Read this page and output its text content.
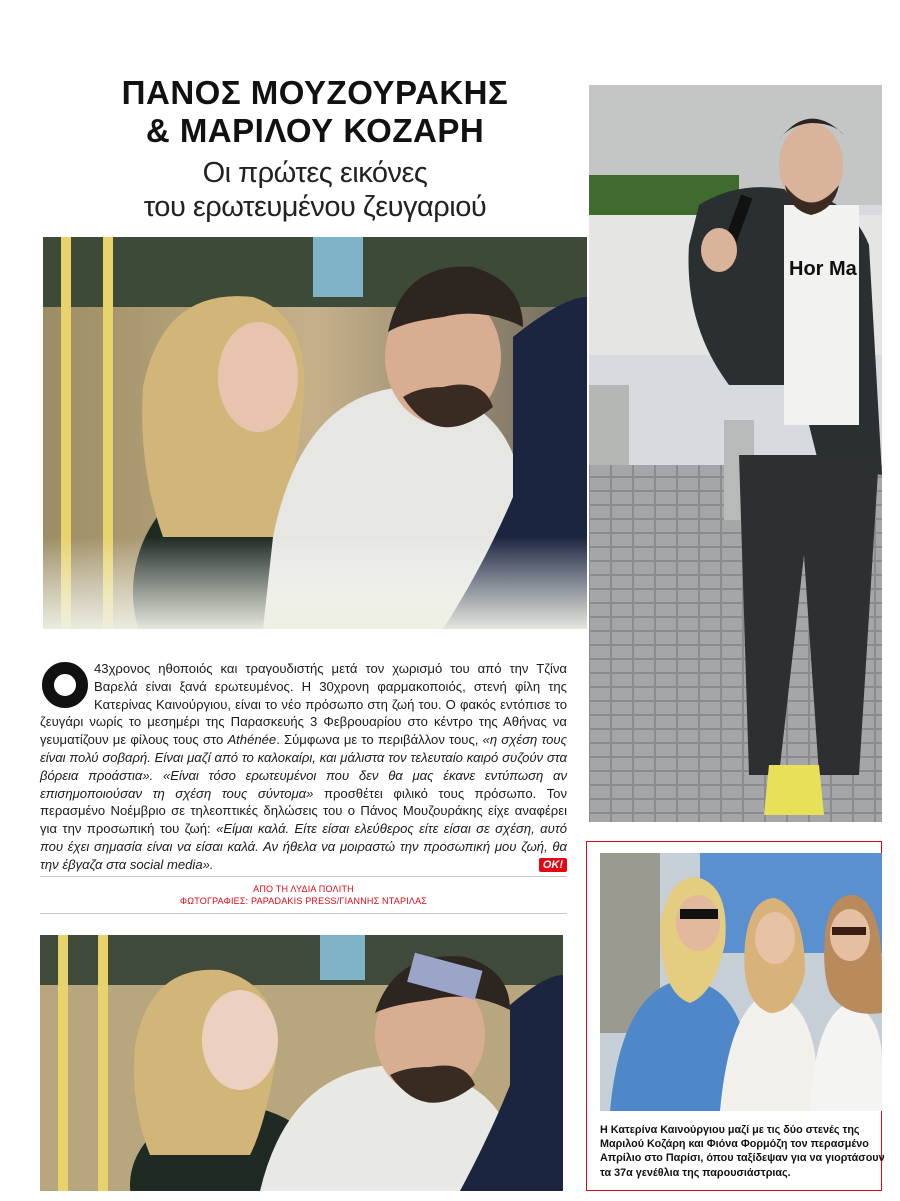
ΠΑΝΟΣ ΜΟΥΖΟΥΡΑΚΗΣ
& ΜΑΡΙΛΟΥ ΚΟΖΑΡΗ
Οι πρώτες εικόνες
του ερωτευμένου ζευγαριού
Hor Ma
43χρονος ηθοποιός και τραγουδιστής μετά τον χωρισμό του από την Τζίνα Βαρελά είναι ξανά ερωτευμένος. Η 30χρονη φαρμακοποιός, στενή φίλη της Κατερίνας Καινούργιου, είναι το νέο πρόσωπο στη ζωή του. Ο φακός εντόπισε το ζευγάρι νωρίς το μεσημέρι της Παρασκευής 3 Φεβρουαρίου στο κέντρο της Αθήνας να γευματίζουν με φίλους τους στο Athénée. Σύμφωνα με το περιβάλλον τους, «η σχέση τους είναι πολύ σοβαρή. Είναι μαζί από το καλοκαίρι, και μάλιστα τον τελευταίο καιρό συζούν στα βόρεια προάστια». «Είναι τόσο ερωτευμένοι που δεν θα μας έκανε εντύπωση αν επισημοποιούσαν τη σχέση τους σύντομα» προσθέτει φιλικό τους πρόσωπο. Τον περασμένο Νοέμβριο σε τηλεοπτικές δηλώσεις του ο Πάνος Μουζουράκης είχε αναφέρει για την προσωπική του ζωή: «Είμαι καλά. Είτε είσαι ελεύθερος είτε είσαι σε σχέση, αυτό που έχει σημασία είναι να είσαι καλά. Αν ήθελα να μοιραστώ την προσωπική μου ζωή, θα την έβγαζα στα social media».	OK!
ΑΠΟ ΤΗ ΛΥΔΙΑ ΠΟΛΙΤΗ
ΦΩΤΟΓΡΑΦΙΕΣ: PAPADAKIS PRESS/ΓΙΑΝΝΗΣ ΝΤΑΡΙΛΑΣ
Η Κατερίνα Καινούργιου μαζί με τις δύο στενές της Μαριλού Κοζάρη και Φιόνα Φορμόζη τον περασμένο Απρίλιο στο Παρίσι, όπου ταξίδεψαν για να γιορτάσουν τα 37α γενέθλια της παρουσιάστριας.
